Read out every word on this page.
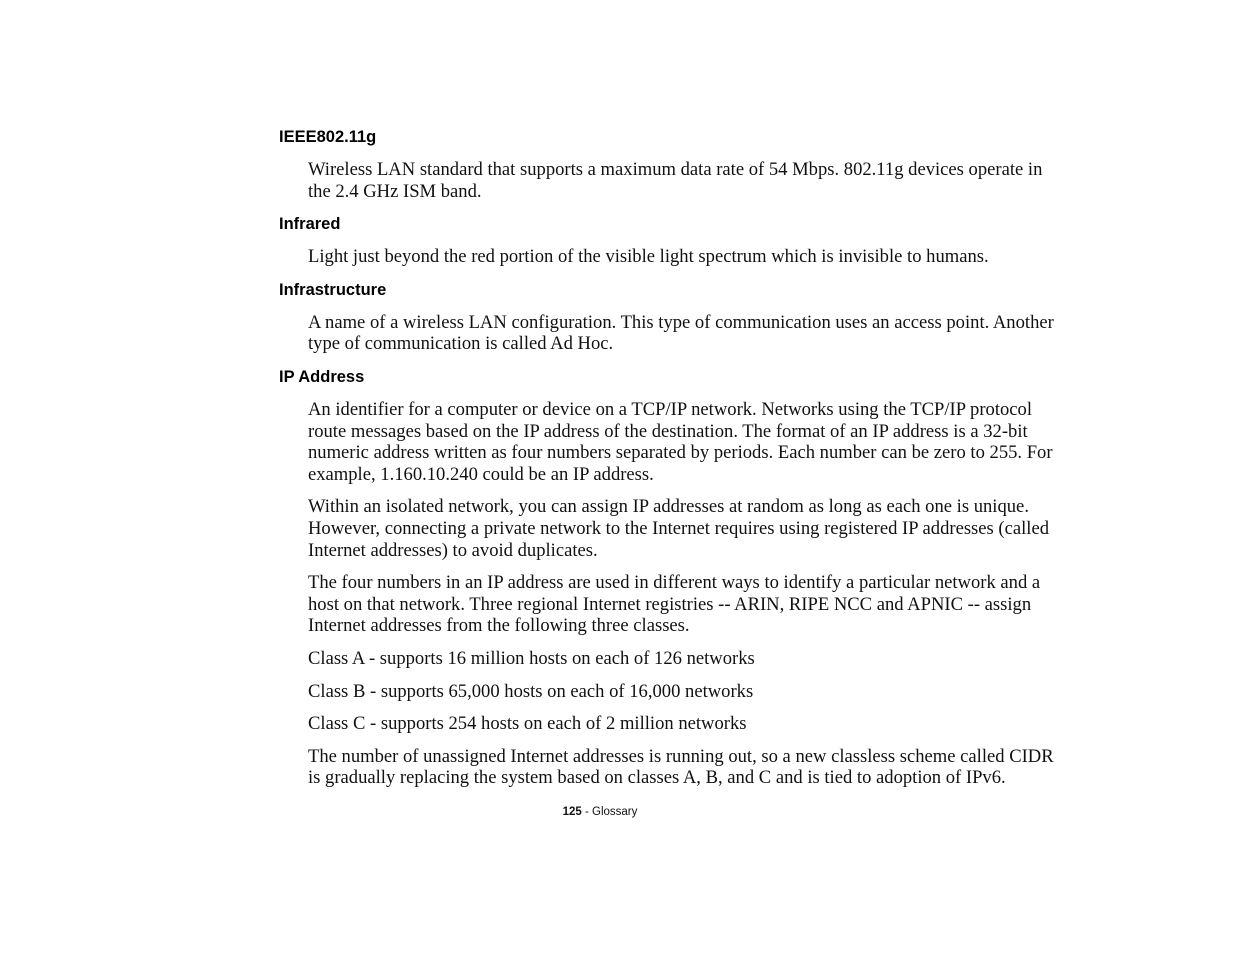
IEEE802.11g

Wireless LAN standard that supports a maximum data rate of 54 Mbps. 802.11g devices operate in the 2.4 GHz ISM band.

Infrared

Light just beyond the red portion of the visible light spectrum which is invisible to humans.

Infrastructure

A name of a wireless LAN configuration. This type of communication uses an access point. Another type of communication is called Ad Hoc.

IP Address

An identifier for a computer or device on a TCP/IP network. Networks using the TCP/IP protocol route messages based on the IP address of the destination. The format of an IP address is a 32-bit numeric address written as four numbers separated by periods. Each number can be zero to 255. For example, 1.160.10.240 could be an IP address.

Within an isolated network, you can assign IP addresses at random as long as each one is unique. However, connecting a private network to the Internet requires using registered IP addresses (called Internet addresses) to avoid duplicates.

The four numbers in an IP address are used in different ways to identify a particular network and a host on that network. Three regional Internet registries -- ARIN, RIPE NCC and APNIC -- assign Internet addresses from the following three classes.

Class A - supports 16 million hosts on each of 126 networks

Class B - supports 65,000 hosts on each of 16,000 networks

Class C - supports 254 hosts on each of 2 million networks

The number of unassigned Internet addresses is running out, so a new classless scheme called CIDR is gradually replacing the system based on classes A, B, and C and is tied to adoption of IPv6.

125 - Glossary
